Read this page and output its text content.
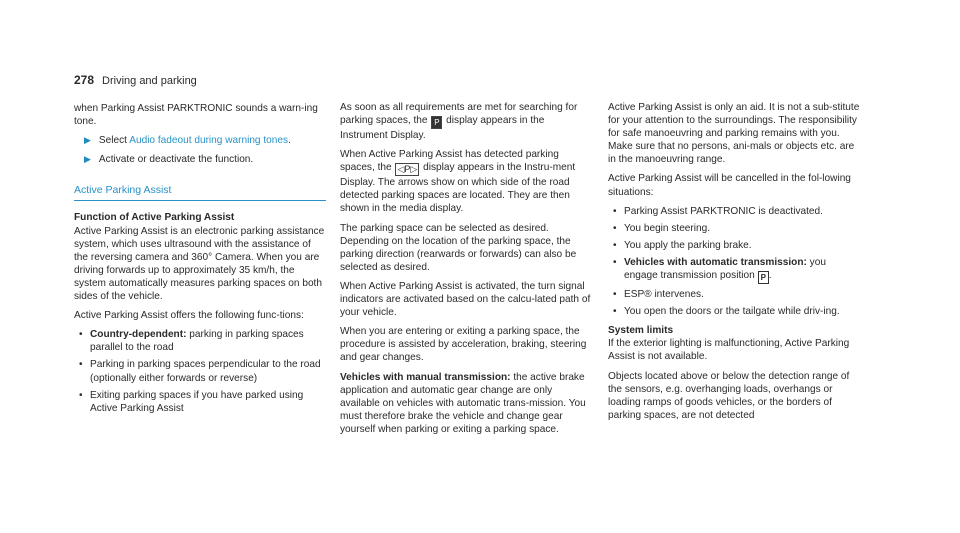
278 Driving and parking

when Parking Assist PARKTRONIC sounds a warn-ing tone.

▶ Select Audio fadeout during warning tones.
▶ Activate or deactivate the function.
Active Parking Assist

Function of Active Parking Assist

Active Parking Assist is an electronic parking assistance system, which uses ultrasound with the assistance of the reversing camera and 360° Camera. When you are driving forwards up to approximately 35 km/h, the system automatically measures parking spaces on both sides of the vehicle.

Active Parking Assist offers the following func-tions:

• Country-dependent: parking in parking spaces parallel to the road
• Parking in parking spaces perpendicular to the road (optionally either forwards or reverse)
• Exiting parking spaces if you have parked using Active Parking Assist

As soon as all requirements are met for searching for parking spaces, the P display appears in the Instrument Display.

When Active Parking Assist has detected parking spaces, the ◁P▷ display appears in the Instru-ment Display. The arrows show on which side of the road detected parking spaces are located. They are then shown in the media display.

The parking space can be selected as desired. Depending on the location of the parking space, the parking direction (rearwards or forwards) can also be selected as desired.

When Active Parking Assist is activated, the turn signal indicators are activated based on the calcu-lated path of your vehicle.

When you are entering or exiting a parking space, the procedure is assisted by acceleration, braking, steering and gear changes.

Vehicles with manual transmission: the active brake application and automatic gear change are only available on vehicles with automatic trans-mission. You must therefore brake the vehicle and change gear yourself when parking or exiting a parking space.

Active Parking Assist is only an aid. It is not a sub-stitute for your attention to the surroundings. The responsibility for safe manoeuvring and parking remains with you. Make sure that no persons, ani-mals or objects etc. are in the manoeuvring range.

Active Parking Assist will be cancelled in the fol-lowing situations:

• Parking Assist PARKTRONIC is deactivated.
• You begin steering.
• You apply the parking brake.
• Vehicles with automatic transmission: you engage transmission position P .
• ESP® intervenes.
• You open the doors or the tailgate while driv-ing.

System limits

If the exterior lighting is malfunctioning, Active Parking Assist is not available.

Objects located above or below the detection range of the sensors, e.g. overhanging loads, overhangs or loading ramps of goods vehicles, or the borders of parking spaces, are not detected
